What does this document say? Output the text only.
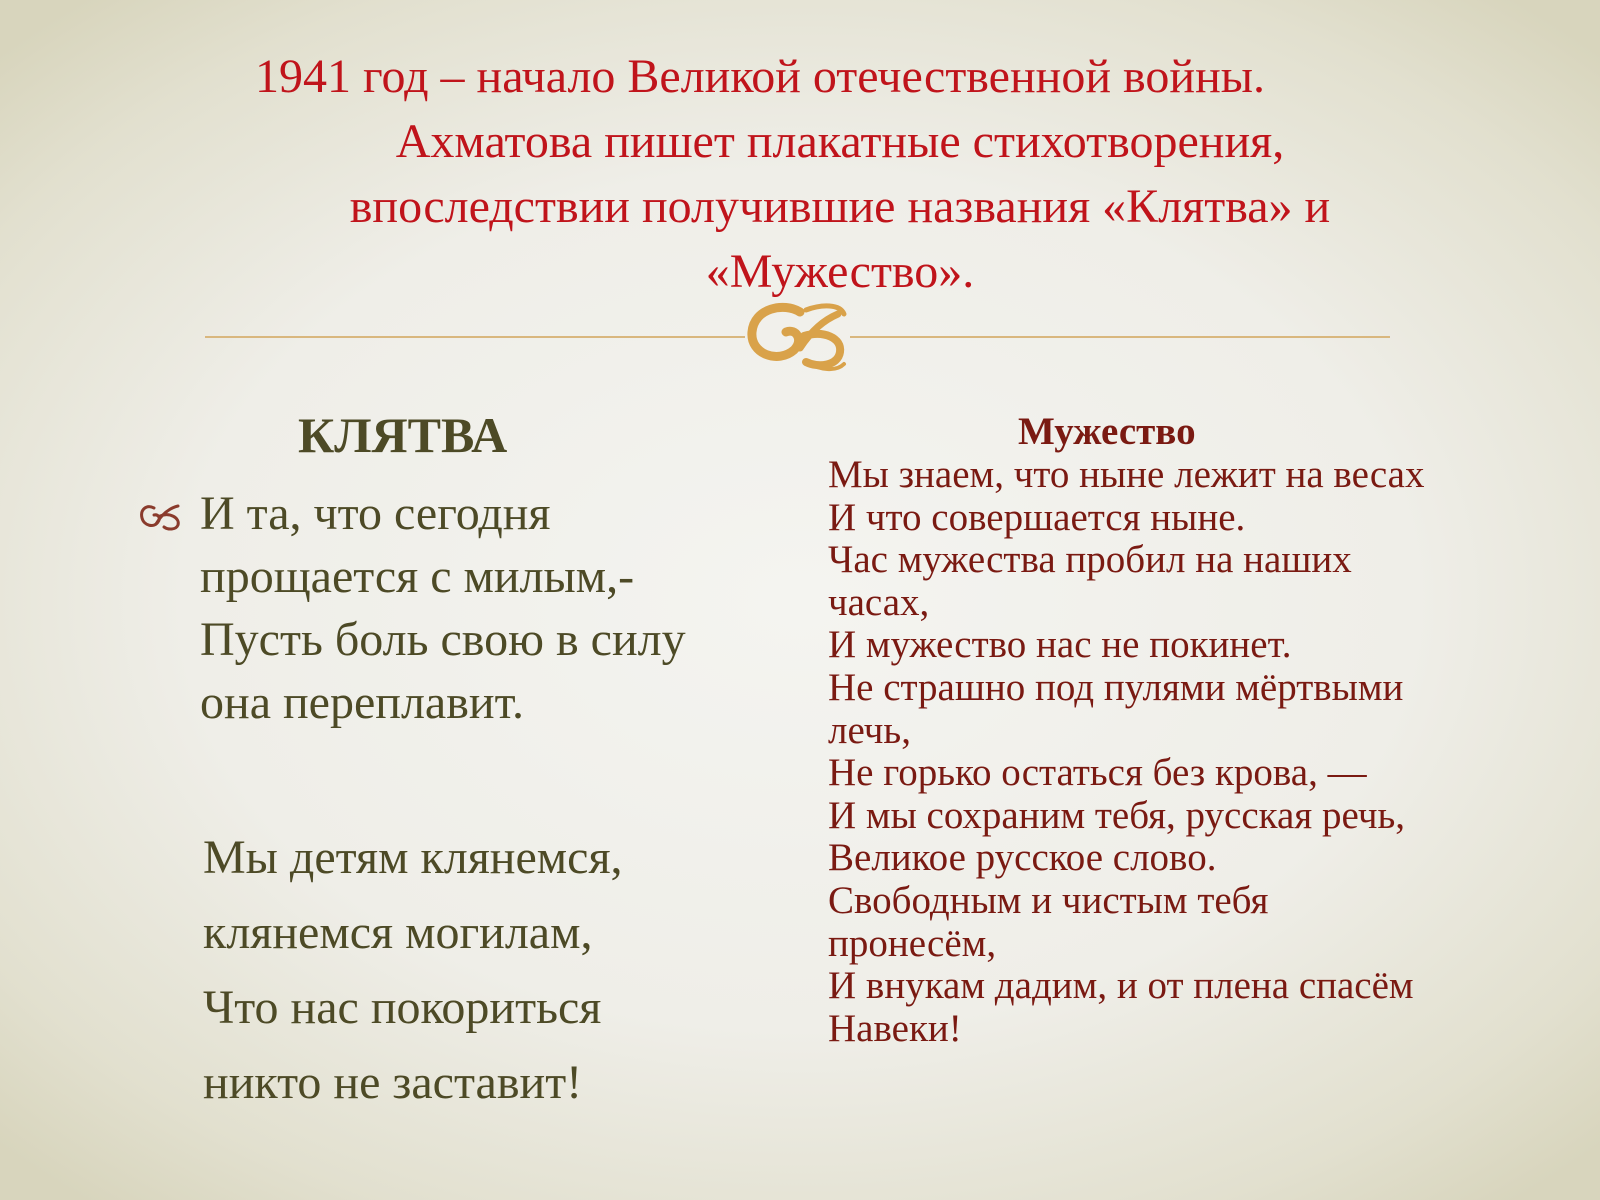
1941 год – начало Великой отечественной войны.
Ахматова пишет плакатные стихотворения,
впоследствии получившие названия «Клятва» и
«Мужество».
КЛЯТВА
И та, что сегодня
прощается с милым,-
Пусть боль свою в силу
она переплавит.
Мы детям клянемся,
клянемся могилам,
Что нас покориться
никто не заставит!
Мужество
Мы знаем, что ныне лежит на весах
И что совершается ныне.
Час мужества пробил на наших
часах,
И мужество нас не покинет.
Не страшно под пулями мёртвыми
лечь,
Не горько остаться без крова, —
И мы сохраним тебя, русская речь,
Великое русское слово.
Свободным и чистым тебя
пронесём,
И внукам дадим, и от плена спасём
Навеки!
